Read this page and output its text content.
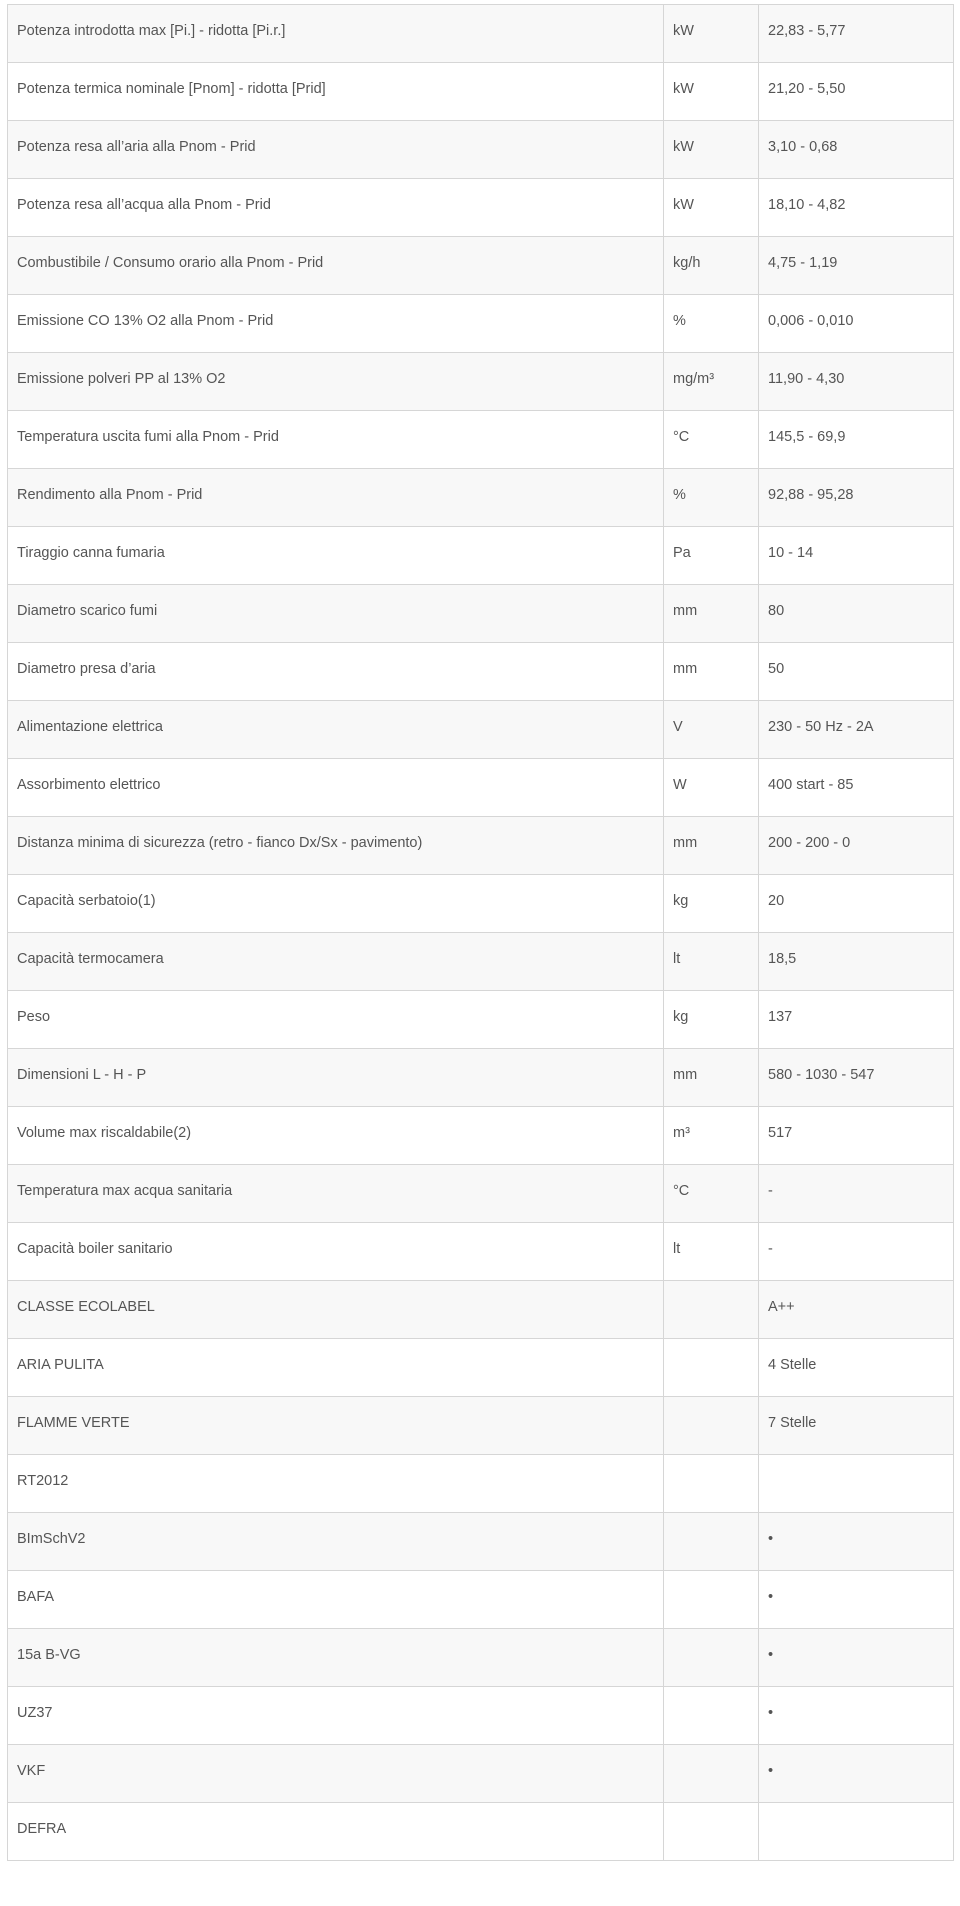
Potenza introdotta max [Pi.] - ridotta [Pi.r.]	kW	22,83 - 5,77
Potenza termica nominale [Pnom] - ridotta [Prid]	kW	21,20 - 5,50
Potenza resa all’aria alla Pnom - Prid	kW	3,10 - 0,68
Potenza resa all’acqua alla Pnom - Prid	kW	18,10 - 4,82
Combustibile / Consumo orario alla Pnom - Prid	kg/h	4,75 - 1,19
Emissione CO 13% O2 alla Pnom - Prid	%	0,006 - 0,010
Emissione polveri PP al 13% O2	mg/m³	11,90 - 4,30
Temperatura uscita fumi alla Pnom - Prid	°C	145,5 - 69,9
Rendimento alla Pnom - Prid	%	92,88 - 95,28
Tiraggio canna fumaria	Pa	10 - 14
Diametro scarico fumi	mm	80
Diametro presa d’aria	mm	50
Alimentazione elettrica	V	230 - 50 Hz - 2A
Assorbimento elettrico	W	400 start - 85
Distanza minima di sicurezza (retro - fianco Dx/Sx - pavimento)	mm	200 - 200 - 0
Capacità serbatoio(1)	kg	20
Capacità termocamera	lt	18,5
Peso	kg	137
Dimensioni L - H - P	mm	580 - 1030 - 547
Volume max riscaldabile(2)	m³	517
Temperatura max acqua sanitaria	°C	-
Capacità boiler sanitario	lt	-
CLASSE ECOLABEL		A++
ARIA PULITA		4 Stelle
FLAMME VERTE		7 Stelle
RT2012		
BImSchV2		•
BAFA		•
15a B-VG		•
UZ37		•
VKF		•
DEFRA		
